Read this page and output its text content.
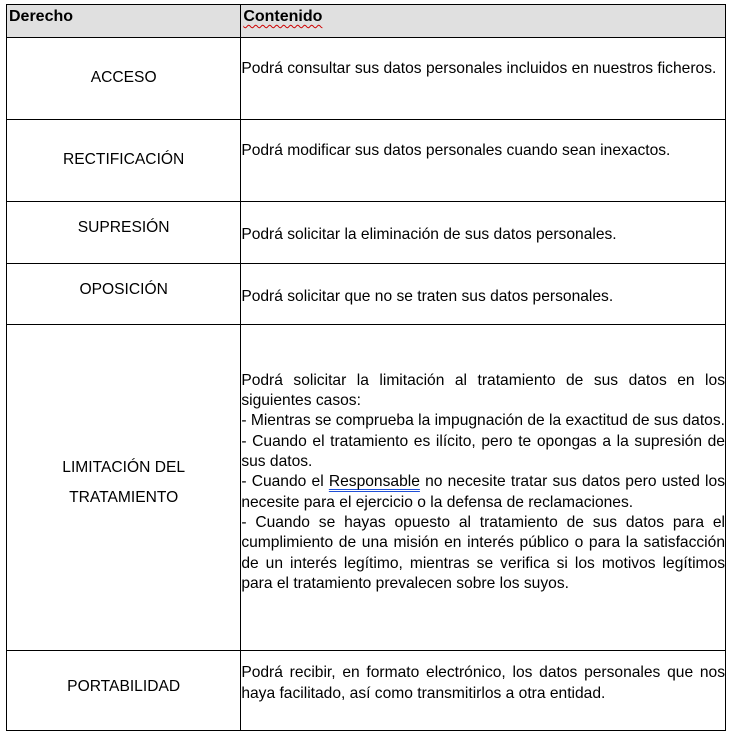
Derecho	Contenido
ACCESO	Podrá consultar sus datos personales incluidos en nuestros ficheros.
RECTIFICACIÓN	Podrá modificar sus datos personales cuando sean inexactos.
SUPRESIÓN	Podrá solicitar la eliminación de sus datos personales.
OPOSICIÓN	Podrá solicitar que no se traten sus datos personales.

LIMITACIÓN DEL
TRATAMIENTO	Podrá solicitar la limitación al tratamiento de sus datos en los siguientes casos:
- Mientras se comprueba la impugnación de la exactitud de sus datos.
- Cuando el tratamiento es ilícito, pero te opongas a la supresión de sus datos.
- Cuando el Responsable no necesite tratar sus datos pero usted los necesite para el ejercicio o la defensa de reclamaciones.
- Cuando se hayas opuesto al tratamiento de sus datos para el cumplimiento de una misión en interés público o para la satisfacción de un interés legítimo, mientras se verifica si los motivos legítimos para el tratamiento prevalecen sobre los suyos.

PORTABILIDAD	Podrá recibir, en formato electrónico, los datos personales que nos haya facilitado, así como transmitirlos a otra entidad.
